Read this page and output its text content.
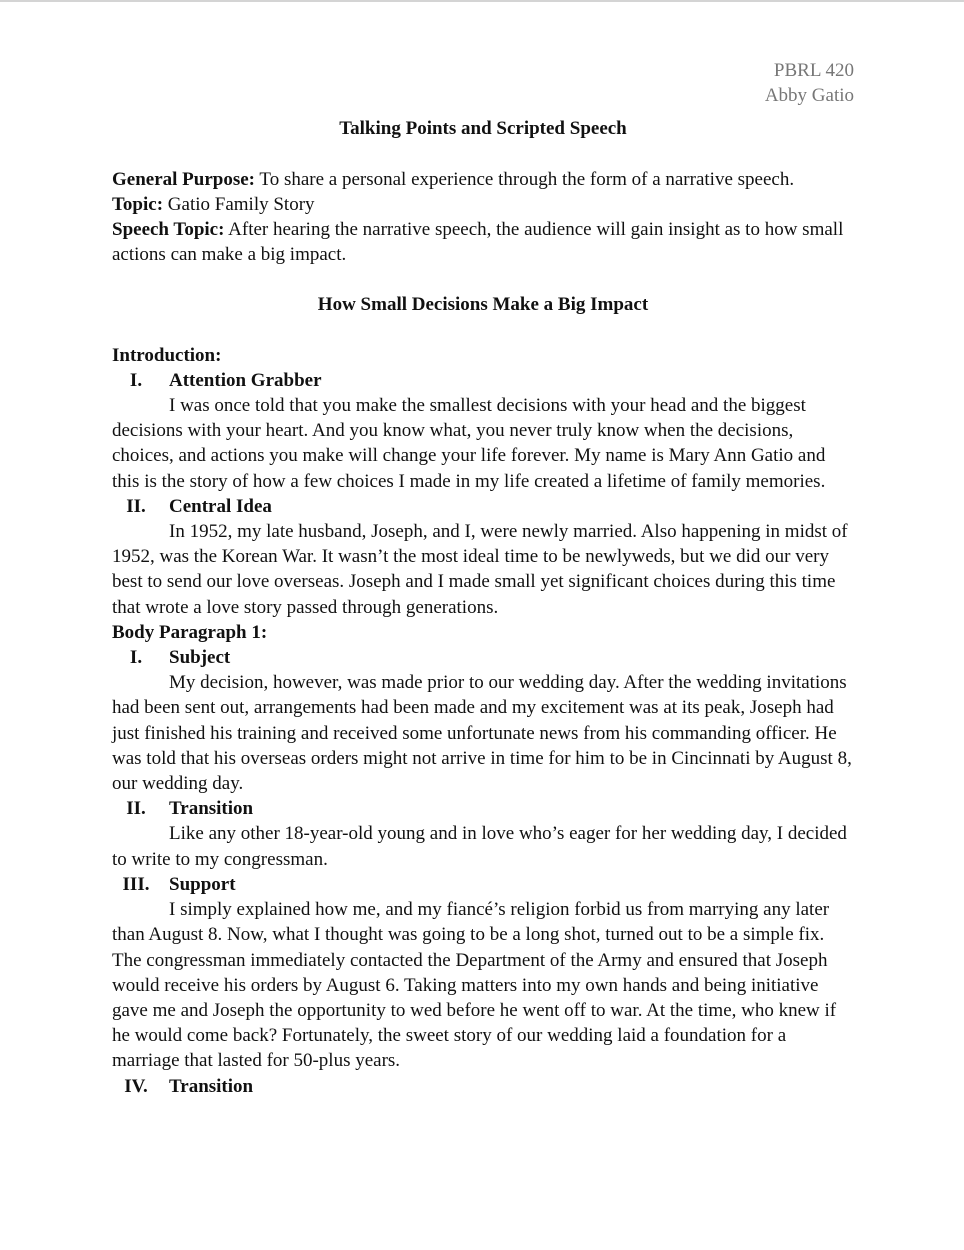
PBRL 420
Abby Gatio

Talking Points and Scripted Speech

General Purpose: To share a personal experience through the form of a narrative speech.

Topic: Gatio Family Story

Speech Topic: After hearing the narrative speech, the audience will gain insight as to how small actions can make a big impact.

How Small Decisions Make a Big Impact

Introduction:

I.	Attention Grabber

I was once told that you make the smallest decisions with your head and the biggest decisions with your heart. And you know what, you never truly know when the decisions, choices, and actions you make will change your life forever. My name is Mary Ann Gatio and this is the story of how a few choices I made in my life created a lifetime of family memories.

II.	Central Idea

In 1952, my late husband, Joseph, and I, were newly married. Also happening in midst of 1952, was the Korean War. It wasn’t the most ideal time to be newlyweds, but we did our very best to send our love overseas. Joseph and I made small yet significant choices during this time that wrote a love story passed through generations.

Body Paragraph 1:

I.	Subject

My decision, however, was made prior to our wedding day. After the wedding invitations had been sent out, arrangements had been made and my excitement was at its peak, Joseph had just finished his training and received some unfortunate news from his commanding officer. He was told that his overseas orders might not arrive in time for him to be in Cincinnati by August 8, our wedding day.

II.	Transition

Like any other 18-year-old young and in love who’s eager for her wedding day, I decided to write to my congressman.

III.	Support

I simply explained how me, and my fiancé’s religion forbid us from marrying any later than August 8. Now, what I thought was going to be a long shot, turned out to be a simple fix. The congressman immediately contacted the Department of the Army and ensured that Joseph would receive his orders by August 6. Taking matters into my own hands and being initiative gave me and Joseph the opportunity to wed before he went off to war. At the time, who knew if he would come back? Fortunately, the sweet story of our wedding laid a foundation for a marriage that lasted for 50-plus years.

IV.	Transition
